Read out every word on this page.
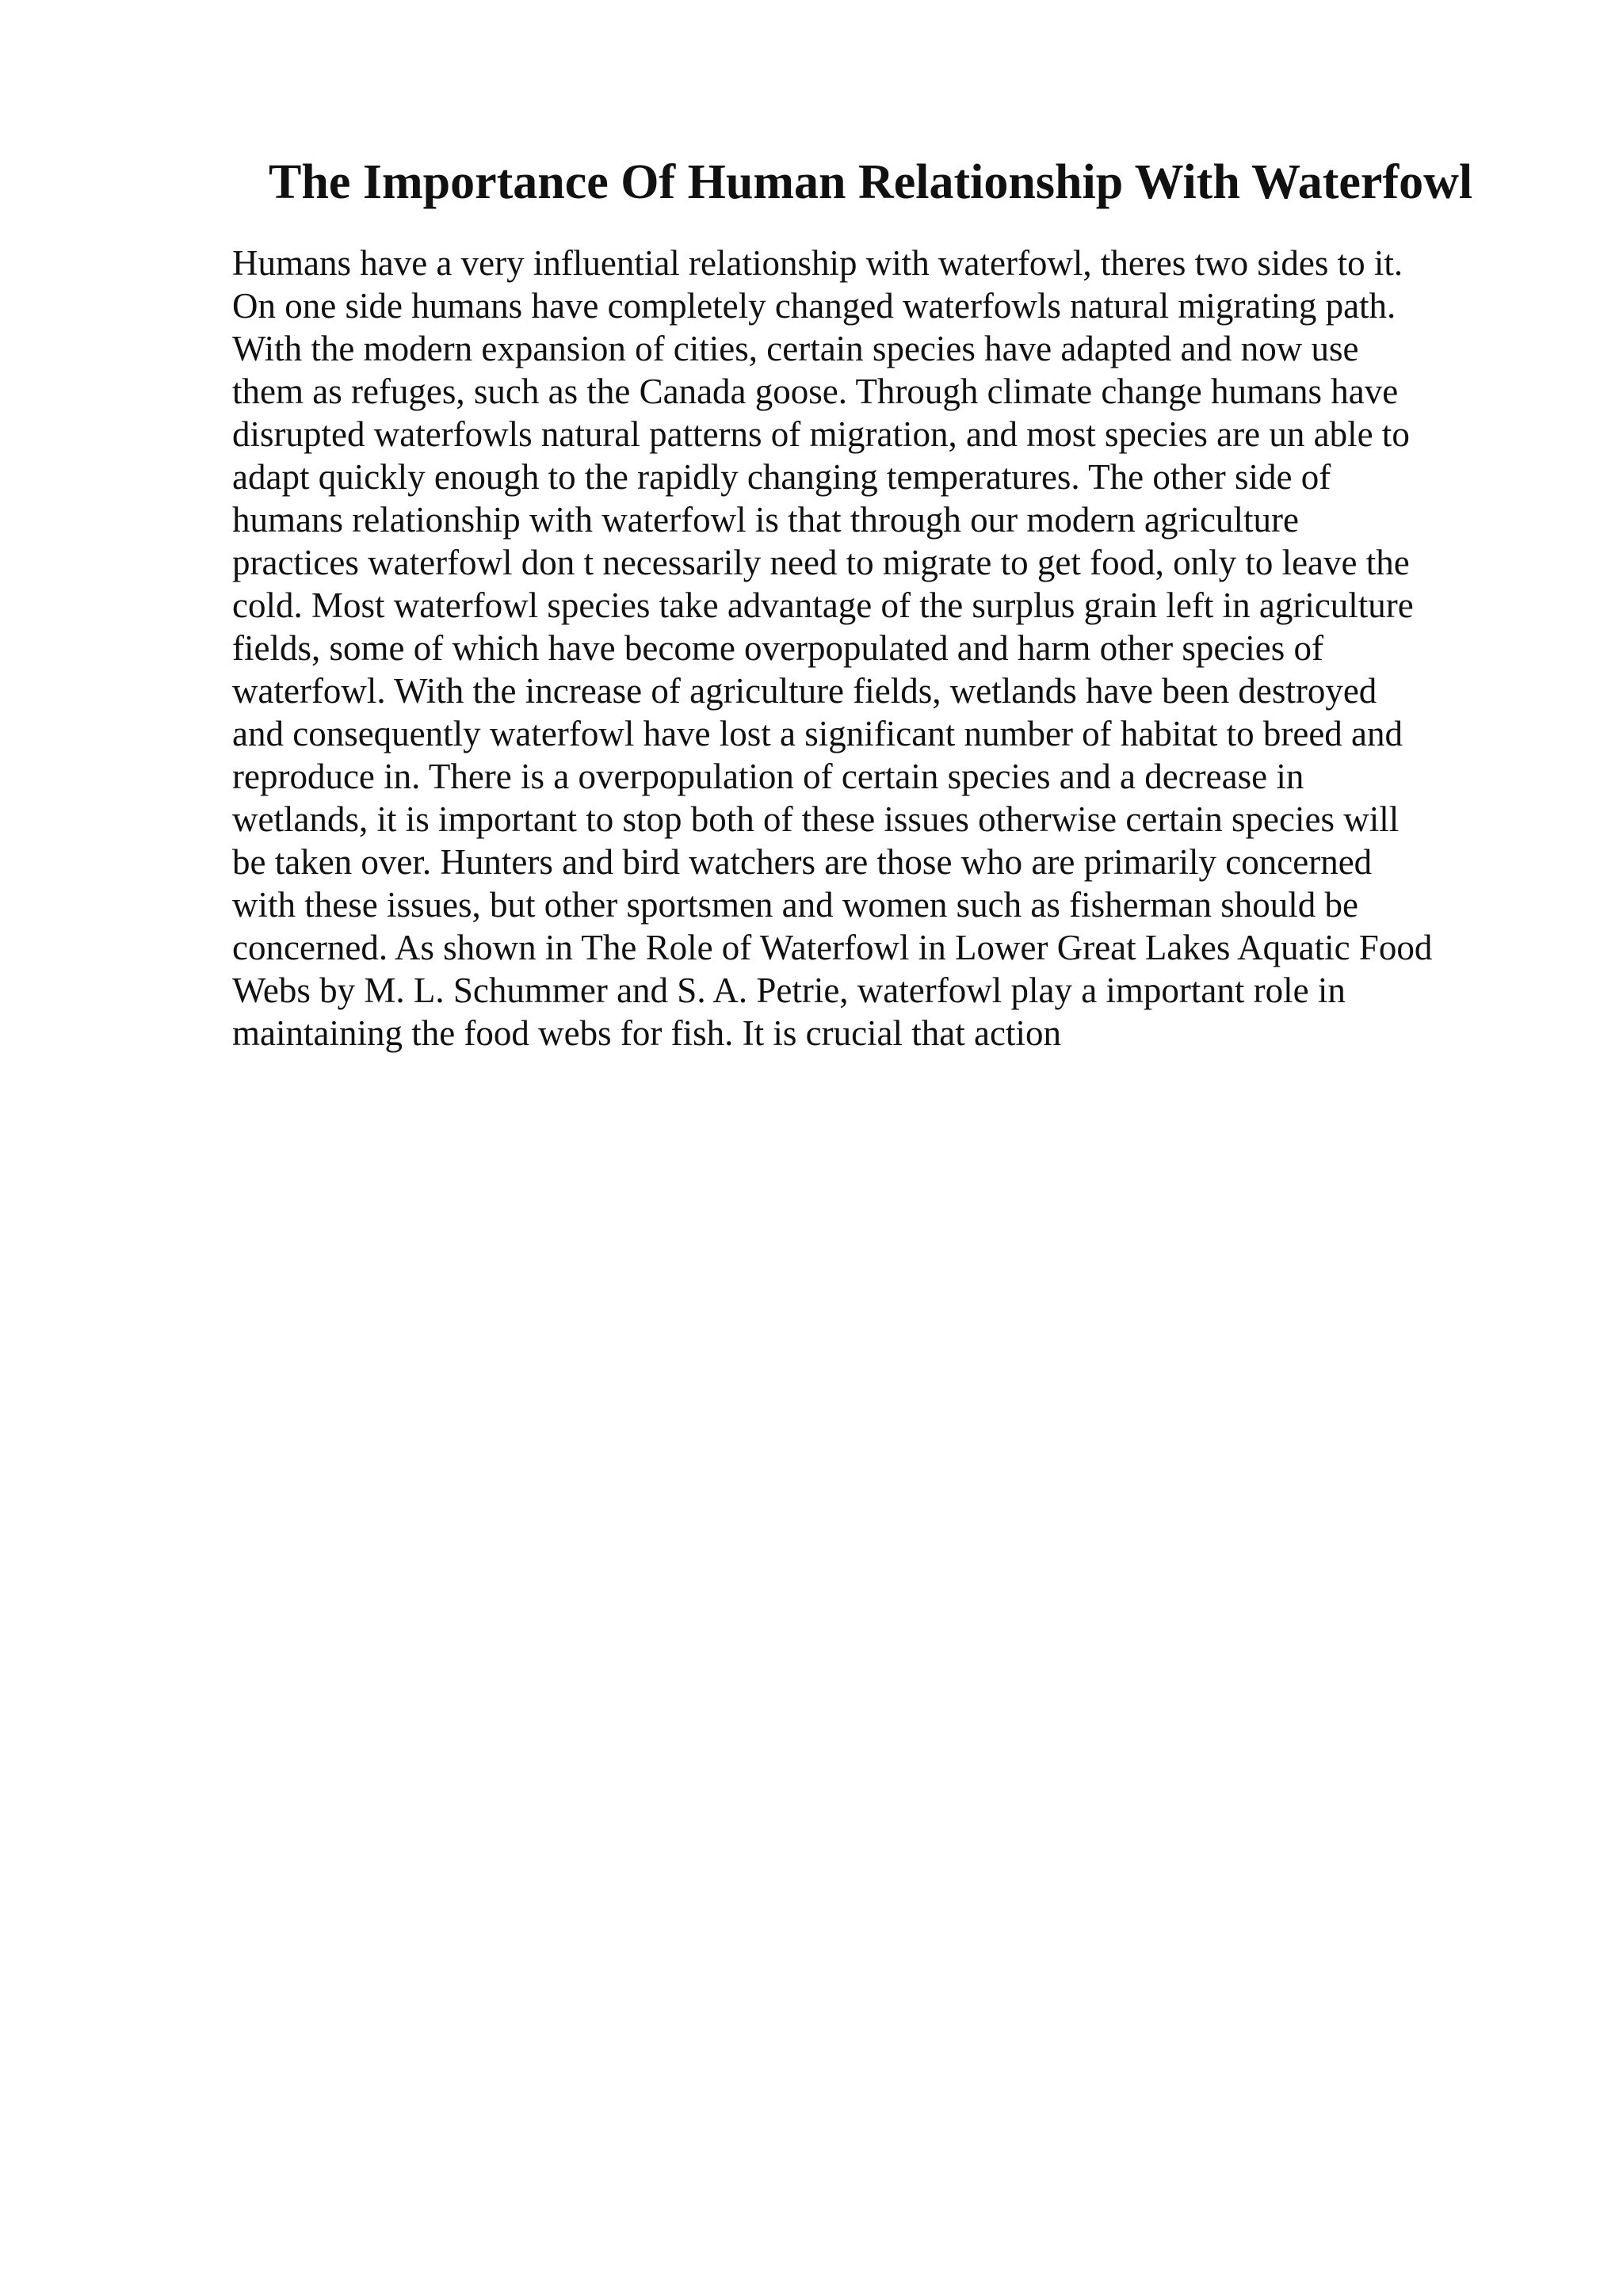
The Importance Of Human Relationship With Waterfowl
Humans have a very influential relationship with waterfowl, theres two sides to it.
On one side humans have completely changed waterfowls natural migrating path.
With the modern expansion of cities, certain species have adapted and now use
them as refuges, such as the Canada goose. Through climate change humans have
disrupted waterfowls natural patterns of migration, and most species are un able to
adapt quickly enough to the rapidly changing temperatures. The other side of
humans relationship with waterfowl is that through our modern agriculture
practices waterfowl don t necessarily need to migrate to get food, only to leave the
cold. Most waterfowl species take advantage of the surplus grain left in agriculture
fields, some of which have become overpopulated and harm other species of
waterfowl. With the increase of agriculture fields, wetlands have been destroyed
and consequently waterfowl have lost a significant number of habitat to breed and
reproduce in. There is a overpopulation of certain species and a decrease in
wetlands, it is important to stop both of these issues otherwise certain species will
be taken over. Hunters and bird watchers are those who are primarily concerned
with these issues, but other sportsmen and women such as fisherman should be
concerned. As shown in The Role of Waterfowl in Lower Great Lakes Aquatic Food
Webs by M. L. Schummer and S. A. Petrie, waterfowl play a important role in
maintaining the food webs for fish. It is crucial that action
